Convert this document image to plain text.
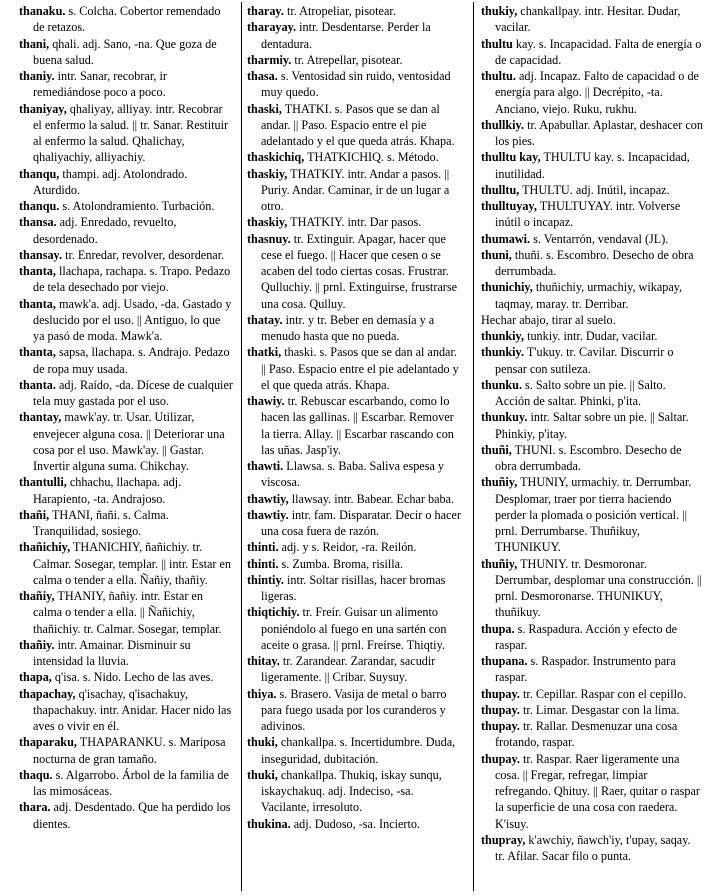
thanaku. s. Colcha. Cobertor remendado de retazos.

thani, qhali. adj. Sano, -na. Que goza de buena salud.

thaniy. intr. Sanar, recobrar, ir remediándose poco a poco.

thaniyay, qhaliyay, alliyay. intr. Recobrar el enfermo la salud. || tr. Sanar. Restituir al enfermo la salud. Qhalichay, qhaliyachiy, alliyachiy.

thanqu, thampi. adj. Atolondrado. Aturdido.

thanqu. s. Atolondramiento. Turbación.

thansa. adj. Enredado, revuelto, desordenado.

thansay. tr. Enredar, revolver, desordenar.

thanta, llachapa, rachapa. s. Trapo. Pedazo de tela desechado por viejo.

thanta, mawk'a. adj. Usado, -da. Gastado y deslucido por el uso. || Antiguo, lo que ya pasó de moda. Mawk'a.

thanta, sapsa, llachapa. s. Andrajo. Pedazo de ropa muy usada.

thanta. adj. Raído, -da. Dícese de cualquier tela muy gastada por el uso.

thantay, mawk'ay. tr. Usar. Utilizar, envejecer alguna cosa. || Deteriorar una cosa por el uso. Mawk'ay. || Gastar. Invertir alguna suma. Chikchay.

thantulli, chhachu, llachapa. adj. Harapiento, -ta. Andrajoso.

thañi, THANI, ñañi. s. Calma. Tranquilidad, sosiego.

thañichiy, THANICHIY, ñañichiy. tr. Calmar. Sosegar, templar. || intr. Estar en calma o tender a ella. Ñañiy, thañiy.

thañiy, THANIY, ñañiy. intr. Estar en calma o tender a ella. || Ñañichiy, thañichiy. tr. Calmar. Sosegar, templar.

thañiy. intr. Amainar. Disminuir su intensidad la lluvia.

thapa, q'isa. s. Nido. Lecho de las aves.

thapachay, q'isachay, q'isachakuy, thapachakuy. intr. Anidar. Hacer nido las aves o vivir en él.

thaparaku, THAPARANKU. s. Mariposa nocturna de gran tamaño.

thaqu. s. Algarrobo. Árbol de la familia de las mimosáceas.

thara. adj. Desdentado. Que ha perdido los dientes.

tharay. tr. Atropeliar, pisotear.

tharayay. intr. Desdentarse. Perder la dentadura.

tharmiy. tr. Atrepellar, pisotear.

thasa. s. Ventosidad sin ruido, ventosidad muy quedo.

thaski, THATKI. s. Pasos que se dan al andar. || Paso. Espacio entre el pie adelantado y el que queda atrás. Khapa.

thaskichiq, THATKICHIQ. s. Método.

thaskiy, THATKIY. intr. Andar a pasos. || Puriy. Andar. Caminar, ir de un lugar a otro.

thaskiy, THATKIY. intr. Dar pasos.

thasnuy. tr. Extinguir. Apagar, hacer que cese el fuego. || Hacer que cesen o se acaben del todo ciertas cosas. Frustrar. Qulluchiy. || prnl. Extinguirse, frustrarse una cosa. Qulluy.

thatay. intr. y tr. Beber en demasía y a menudo hasta que no pueda.

thatki, thaski. s. Pasos que se dan al andar. || Paso. Espacio entre el pie adelantado y el que queda atrás. Khapa.

thawiy. tr. Rebuscar escarbando, como lo hacen las gallinas. || Escarbar. Remover la tierra. Allay. || Escarbar rascando con las uñas. Jasp'iy.

thawti. Llawsa. s. Baba. Saliva espesa y viscosa.

thawtiy, llawsay. intr. Babear. Echar baba.

thawtiy. intr. fam. Disparatar. Decir o hacer una cosa fuera de razón.

thinti. adj. y s. Reidor, -ra. Reilón.

thinti. s. Zumba. Broma, risilla.

thintiy. intr. Soltar risillas, hacer bromas ligeras.

thiqtichiy. tr. Freír. Guisar un alimento poniéndolo al fuego en una sartén con aceite o grasa. || prnl. Freírse. Thiqtiy.

thitay. tr. Zarandear. Zarandar, sacudir ligeramente. || Cribar. Suysuy.

thiya. s. Brasero. Vasija de metal o barro para fuego usada por los curanderos y adivinos.

thuki, chankallpa. s. Incertidumbre. Duda, inseguridad, dubitación.

thuki, chankallpa. Thukiq, iskay sunqu, iskaychakuq. adj. Indeciso, -sa. Vacilante, irresoluto.

thukina. adj. Dudoso, -sa. Incierto.

thukiy, chankallpay. intr. Hesitar. Dudar, vacilar.

thultu kay. s. Incapacidad. Falta de energía o de capacidad.

thultu. adj. Incapaz. Falto de capacidad o de energía para algo. || Decrépito, -ta. Anciano, viejo. Ruku, rukhu.

thullkiy. tr. Apabullar. Aplastar, deshacer con los pies.

thulltu kay, THULTU kay. s. Incapacidad, inutilidad.

thulltu, THULTU. adj. Inútil, incapaz.

thulltuyay, THULTUYAY. intr. Volverse inútil o incapaz.

thumawi. s. Ventarrón, vendaval (JL).

thuni, thuñi. s. Escombro. Desecho de obra derrumbada.

thunichiy, thuñichiy, urmachiy, wikapay, taqmay, maray. tr. Derribar.

Hechar abajo, tirar al suelo.

thunkiy, tunkiy. intr. Dudar, vacilar.

thunkiy. T'ukuy. tr. Cavilar. Discurrir o pensar con sutileza.

thunku. s. Salto sobre un pie. || Salto. Acción de saltar. Phinki, p'ita.

thunkuy. intr. Saltar sobre un pie. || Saltar. Phinkiy, p'itay.

thuñi, THUNI. s. Escombro. Desecho de obra derrumbada.

thuñiy, THUNIY, urmachiy. tr. Derrumbar. Desplomar, traer por tierra haciendo perder la plomada o posición vertical. || prnl. Derrumbarse. Thuñikuy, THUNIKUY.

thuñiy, THUNIY. tr. Desmoronar. Derrumbar, desplomar una construcción. || prnl. Desmoronarse. THUNIKUY, thuñikuy.

thupa. s. Raspadura. Acción y efecto de raspar.

thupana. s. Raspador. Instrumento para raspar.

thupay. tr. Cepillar. Raspar con el cepillo.

thupay. tr. Limar. Desgastar con la lima.

thupay. tr. Rallar. Desmenuzar una cosa frotando, raspar.

thupay. tr. Raspar. Raer ligeramente una cosa. || Fregar, refregar, limpiar refregando. Qhituy. || Raer, quitar o raspar la superficie de una cosa con raedera. K'isuy.

thupray, k'awchiy, ñawch'iy, t'upay, saqay. tr. Afilar. Sacar filo o punta.
